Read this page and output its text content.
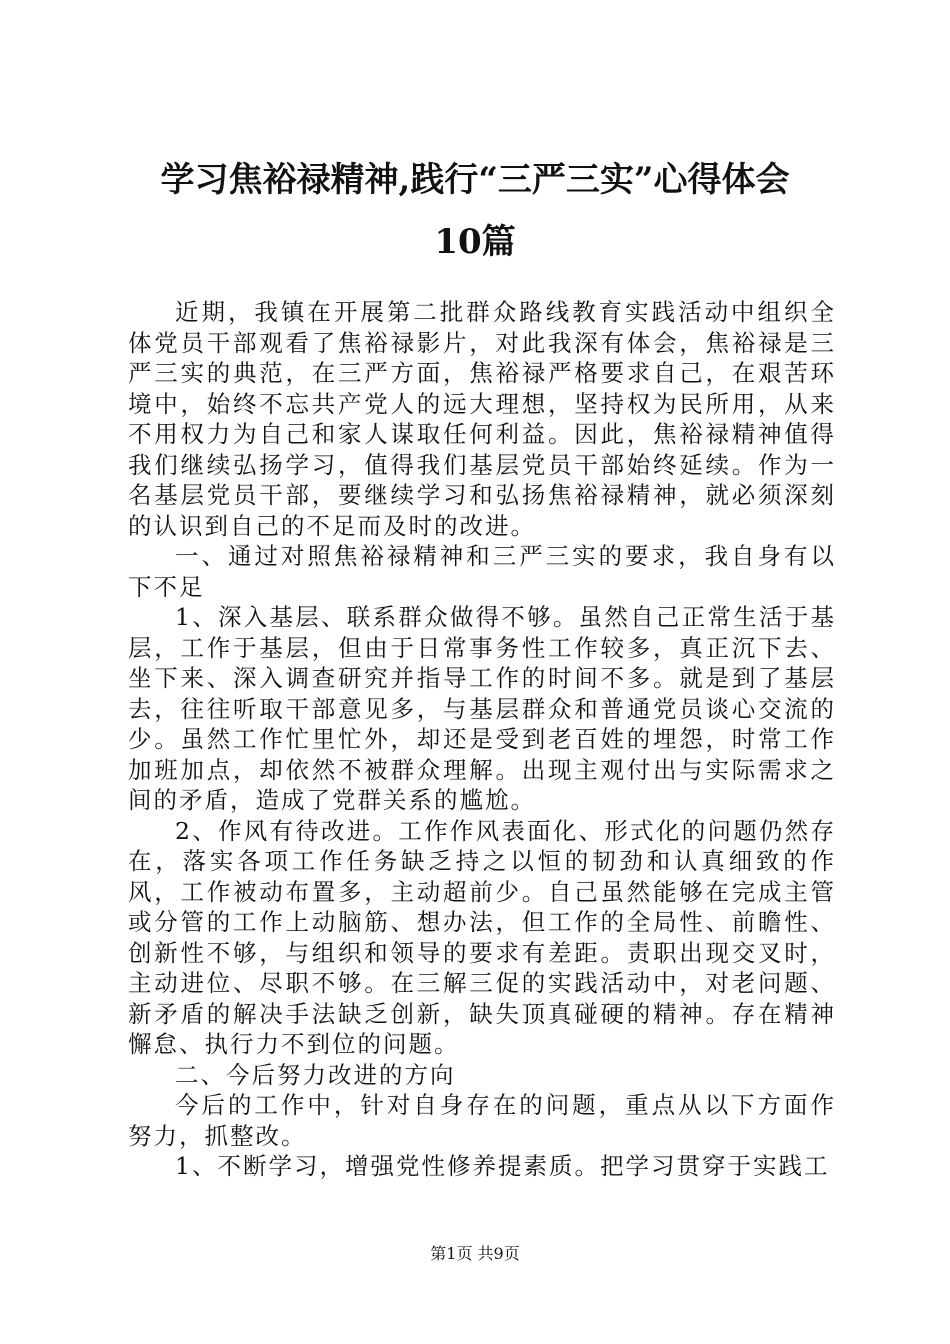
学习焦裕禄精神,践行“三严三实”心得体会
10篇

近期，我镇在开展第二批群众路线教育实践活动中组织全体党员干部观看了焦裕禄影片，对此我深有体会，焦裕禄是三严三实的典范，在三严方面，焦裕禄严格要求自己，在艰苦环境中，始终不忘共产党人的远大理想，坚持权为民所用，从来不用权力为自己和家人谋取任何利益。因此，焦裕禄精神值得我们继续弘扬学习，值得我们基层党员干部始终延续。作为一名基层党员干部，要继续学习和弘扬焦裕禄精神，就必须深刻的认识到自己的不足而及时的改进。

一、通过对照焦裕禄精神和三严三实的要求，我自身有以下不足

1、深入基层、联系群众做得不够。虽然自己正常生活于基层，工作于基层，但由于日常事务性工作较多，真正沉下去、坐下来、深入调查研究并指导工作的时间不多。就是到了基层去，往往听取干部意见多，与基层群众和普通党员谈心交流的少。虽然工作忙里忙外，却还是受到老百姓的埋怨，时常工作加班加点，却依然不被群众理解。出现主观付出与实际需求之间的矛盾，造成了党群关系的尴尬。

2、作风有待改进。工作作风表面化、形式化的问题仍然存在，落实各项工作任务缺乏持之以恒的韧劲和认真细致的作风，工作被动布置多，主动超前少。自己虽然能够在完成主管或分管的工作上动脑筋、想办法，但工作的全局性、前瞻性、创新性不够，与组织和领导的要求有差距。责职出现交叉时，主动进位、尽职不够。在三解三促的实践活动中，对老问题、新矛盾的解决手法缺乏创新，缺失顶真碰硬的精神。存在精神懈怠、执行力不到位的问题。

二、今后努力改进的方向

今后的工作中，针对自身存在的问题，重点从以下方面作努力，抓整改。

1、不断学习，增强党性修养提素质。把学习贯穿于实践工

第1页 共9页
